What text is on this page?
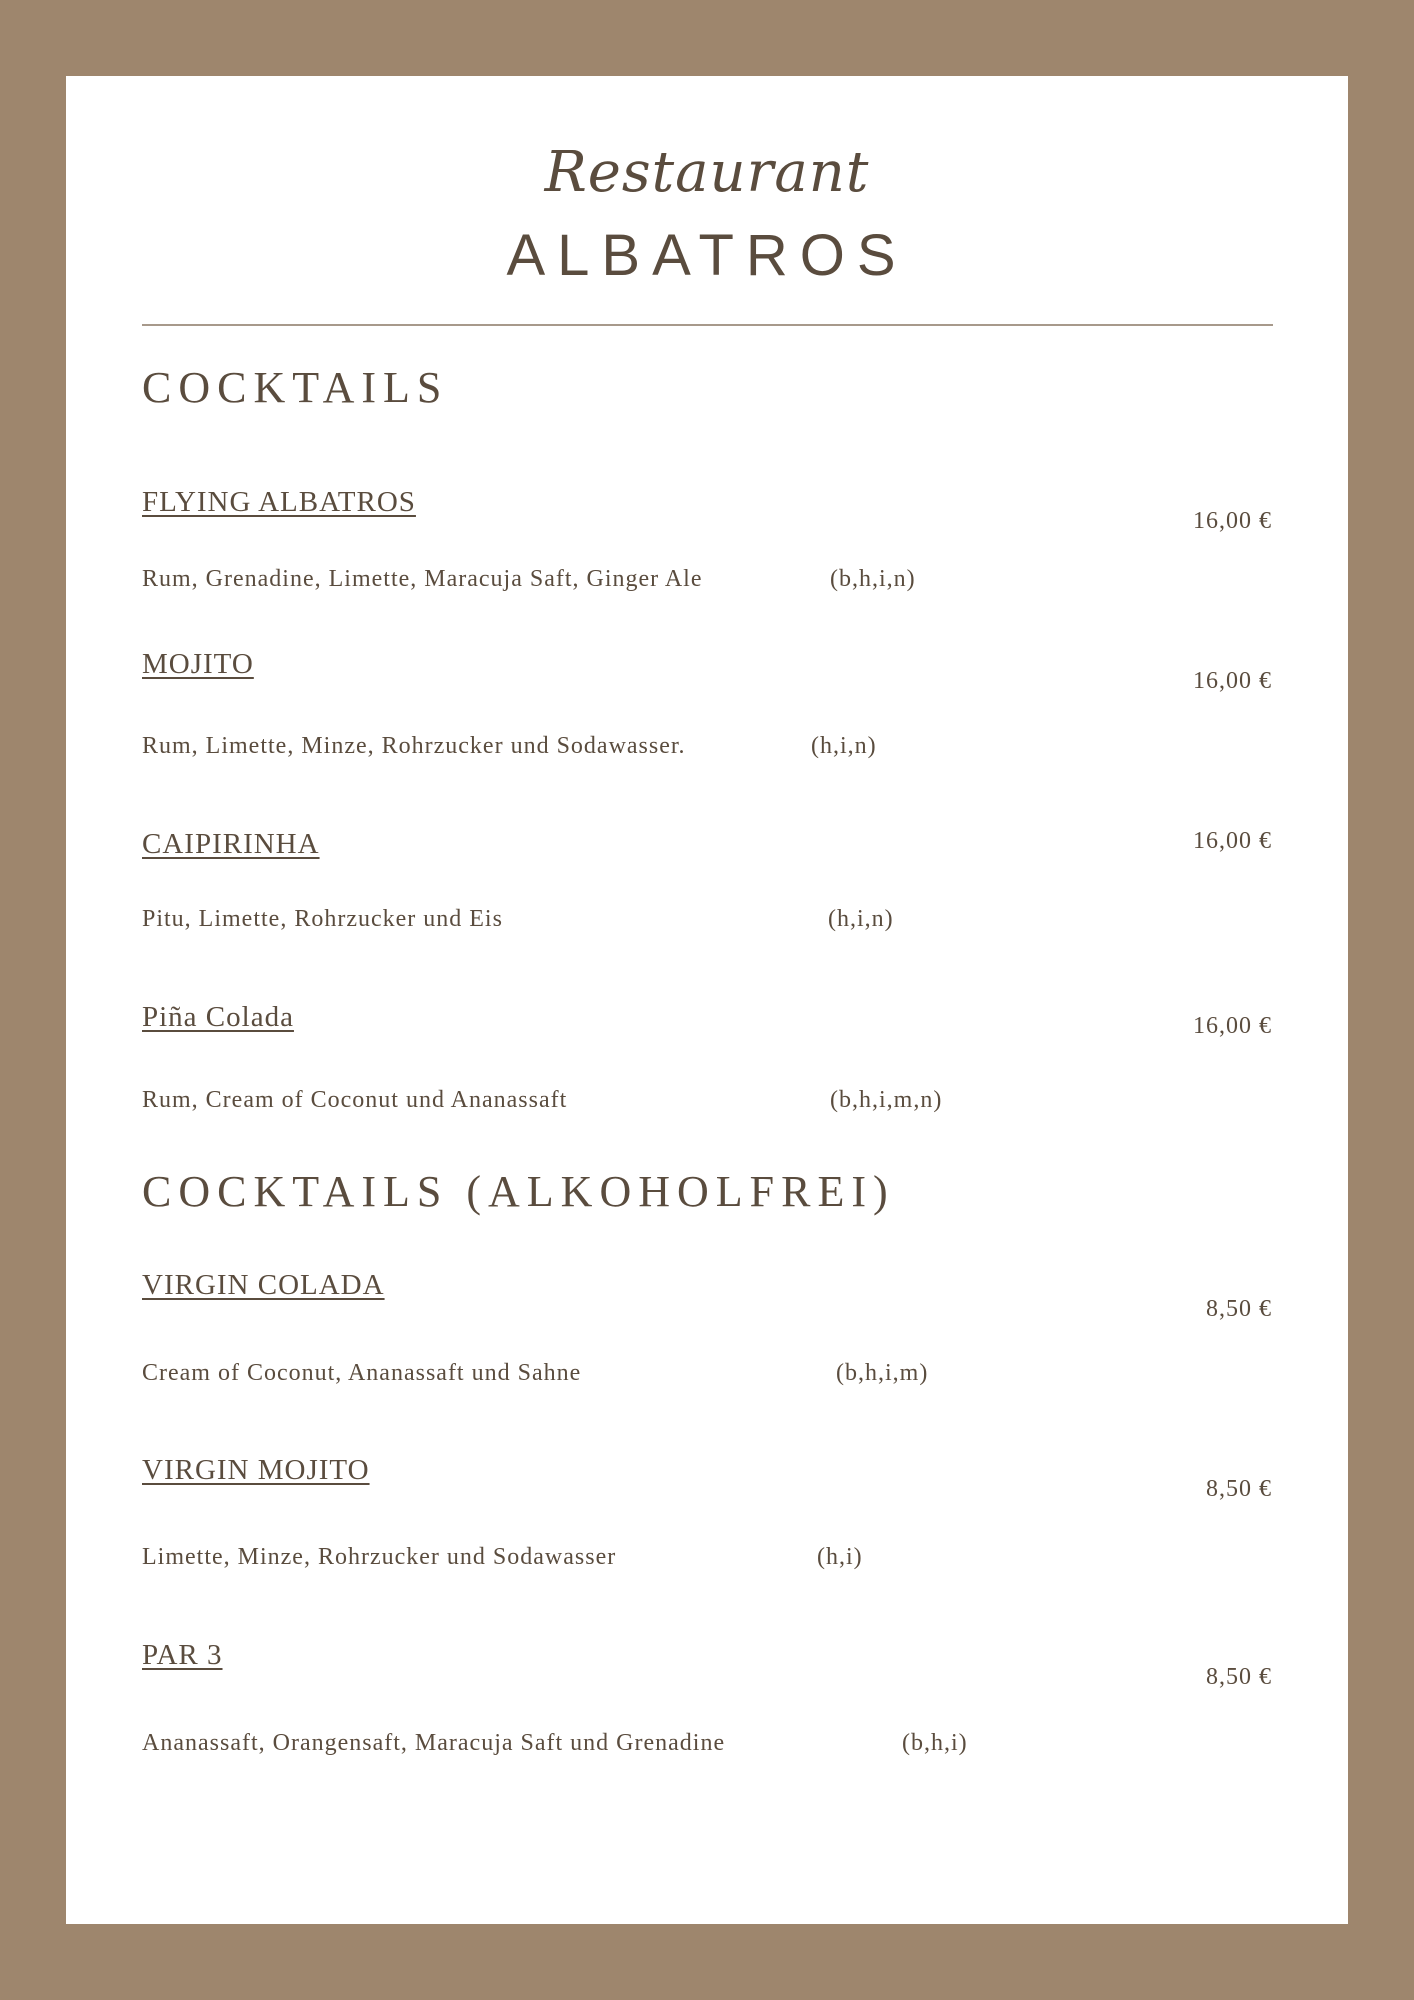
Restaurant
ALBATROS
COCKTAILS
FLYING ALBATROS
16,00 €
Rum, Grenadine, Limette, Maracuja Saft, Ginger Ale	(b,h,i,n)
MOJITO
16,00 €
Rum, Limette, Minze, Rohrzucker und Sodawasser.	(h,i,n)
CAIPIRINHA	16,00 €
Pitu, Limette, Rohrzucker und Eis	(h,i,n)
Piña Colada	16,00 €
Rum, Cream of Coconut und Ananassaft	(b,h,i,m,n)
COCKTAILS (ALKOHOLFREI)
VIRGIN COLADA
8,50 €
Cream of Coconut, Ananassaft und Sahne	(b,h,i,m)
VIRGIN MOJITO
8,50 €
Limette, Minze, Rohrzucker und Sodawasser	(h,i)
PAR 3
8,50 €
Ananassaft, Orangensaft, Maracuja Saft und Grenadine	(b,h,i)
